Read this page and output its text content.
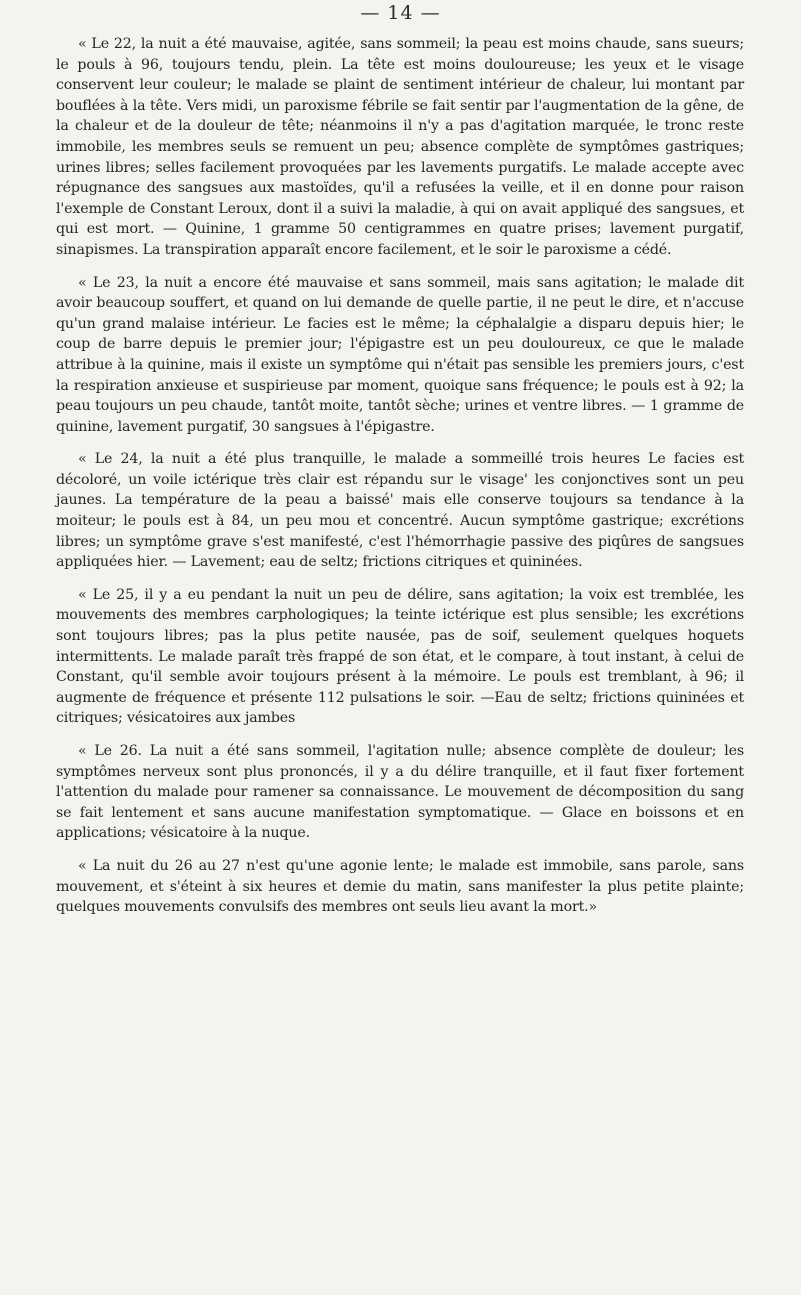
— 14 —

« Le 22, la nuit a été mauvaise, agitée, sans sommeil; la peau est moins chaude, sans sueurs; le pouls à 96, toujours tendu, plein. La tête est moins douloureuse; les yeux et le visage conservent leur couleur; le malade se plaint de sentiment intérieur de chaleur, lui montant par bouflées à la tête. Vers midi, un paroxisme fébrile se fait sentir par l'augmentation de la gêne, de la chaleur et de la douleur de tête; néanmoins il n'y a pas d'agitation marquée, le tronc reste immobile, les membres seuls se remuent un peu; absence complète de symptômes gastriques; urines libres; selles facilement provoquées par les lavements purgatifs. Le malade accepte avec répugnance des sangsues aux mastoïdes, qu'il a refusées la veille, et il en donne pour raison l'exemple de Constant Leroux, dont il a suivi la maladie, à qui on avait appliqué des sangsues, et qui est mort. — Quinine, 1 gramme 50 centigrammes en quatre prises; lavement purgatif, sinapismes. La transpiration apparaît encore facilement, et le soir le paroxisme a cédé.

« Le 23, la nuit a encore été mauvaise et sans sommeil, mais sans agitation; le malade dit avoir beaucoup souffert, et quand on lui demande de quelle partie, il ne peut le dire, et n'accuse qu'un grand malaise intérieur. Le facies est le même; la céphalalgie a disparu depuis hier; le coup de barre depuis le premier jour; l'épigastre est un peu douloureux, ce que le malade attribue à la quinine, mais il existe un symptôme qui n'était pas sensible les premiers jours, c'est la respiration anxieuse et suspirieuse par moment, quoique sans fréquence; le pouls est à 92; la peau toujours un peu chaude, tantôt moite, tantôt sèche; urines et ventre libres. — 1 gramme de quinine, lavement purgatif, 30 sangsues à l'épigastre.

« Le 24, la nuit a été plus tranquille, le malade a sommeillé trois heures Le facies est décoloré, un voile ictérique très clair est répandu sur le visage' les conjonctives sont un peu jaunes. La température de la peau a baissé' mais elle conserve toujours sa tendance à la moiteur; le pouls est à 84, un peu mou et concentré. Aucun symptôme gastrique; excrétions libres; un symptôme grave s'est manifesté, c'est l'hémorrhagie passive des piqûres de sangsues appliquées hier. — Lavement; eau de seltz; frictions citriques et quininées.

« Le 25, il y a eu pendant la nuit un peu de délire, sans agitation; la voix est tremblée, les mouvements des membres carphologiques; la teinte ictérique est plus sensible; les excrétions sont toujours libres; pas la plus petite nausée, pas de soif, seulement quelques hoquets intermittents. Le malade paraît très frappé de son état, et le compare, à tout instant, à celui de Constant, qu'il semble avoir toujours présent à la mémoire. Le pouls est tremblant, à 96; il augmente de fréquence et présente 112 pulsations le soir. —Eau de seltz; frictions quininées et citriques; vésicatoires aux jambes

« Le 26. La nuit a été sans sommeil, l'agitation nulle; absence complète de douleur; les symptômes nerveux sont plus prononcés, il y a du délire tranquille, et il faut fixer fortement l'attention du malade pour ramener sa connaissance. Le mouvement de décomposition du sang se fait lentement et sans aucune manifestation symptomatique. — Glace en boissons et en applications; vésicatoire à la nuque.

« La nuit du 26 au 27 n'est qu'une agonie lente; le malade est immobile, sans parole, sans mouvement, et s'éteint à six heures et demie du matin, sans manifester la plus petite plainte; quelques mouvements convulsifs des membres ont seuls lieu avant la mort.»
